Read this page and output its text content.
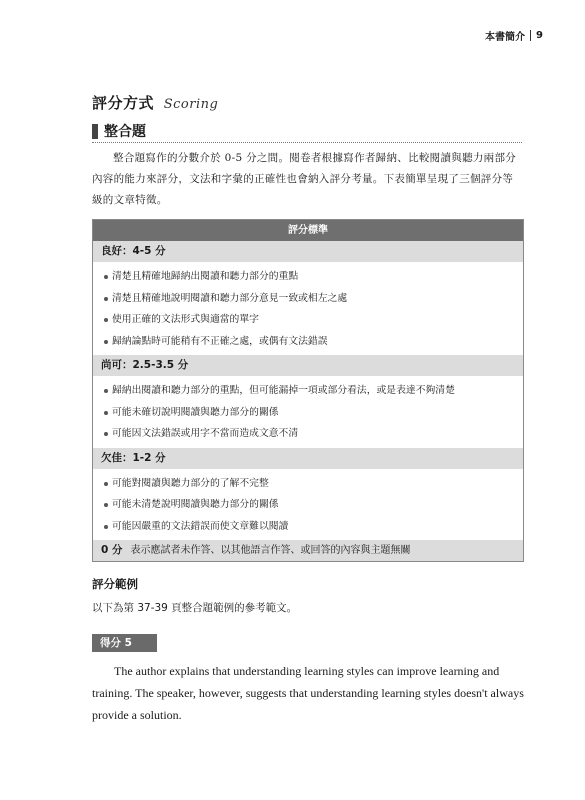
本書簡介 9
評分方式 Scoring
整合題

整合題寫作的分數介於 0-5 分之間。閱卷者根據寫作者歸納、比較閱讀與聽力兩部分內容的能力來評分，文法和字彙的正確性也會納入評分考量。下表簡單呈現了三個評分等級的文章特徵。

評分標準
良好：4-5 分
清楚且精確地歸納出閱讀和聽力部分的重點
清楚且精確地說明閱讀和聽力部分意見一致或相左之處
使用正確的文法形式與適當的單字
歸納論點時可能稍有不正確之處，或偶有文法錯誤
尚可：2.5-3.5 分
歸納出閱讀和聽力部分的重點，但可能漏掉一項或部分看法，或是表達不夠清楚
可能未確切說明閱讀與聽力部分的關係
可能因文法錯誤或用字不當而造成文意不清
欠佳：1-2 分
可能對閱讀與聽力部分的了解不完整
可能未清楚說明閱讀與聽力部分的關係
可能因嚴重的文法錯誤而使文章難以閱讀
0 分 表示應試者未作答、以其他語言作答、或回答的內容與主題無關
評分範例
以下為第 37-39 頁整合題範例的參考範文。
得分 5

The author explains that understanding learning styles can improve learning and training. The speaker, however, suggests that understanding learning styles doesn't always provide a solution.
